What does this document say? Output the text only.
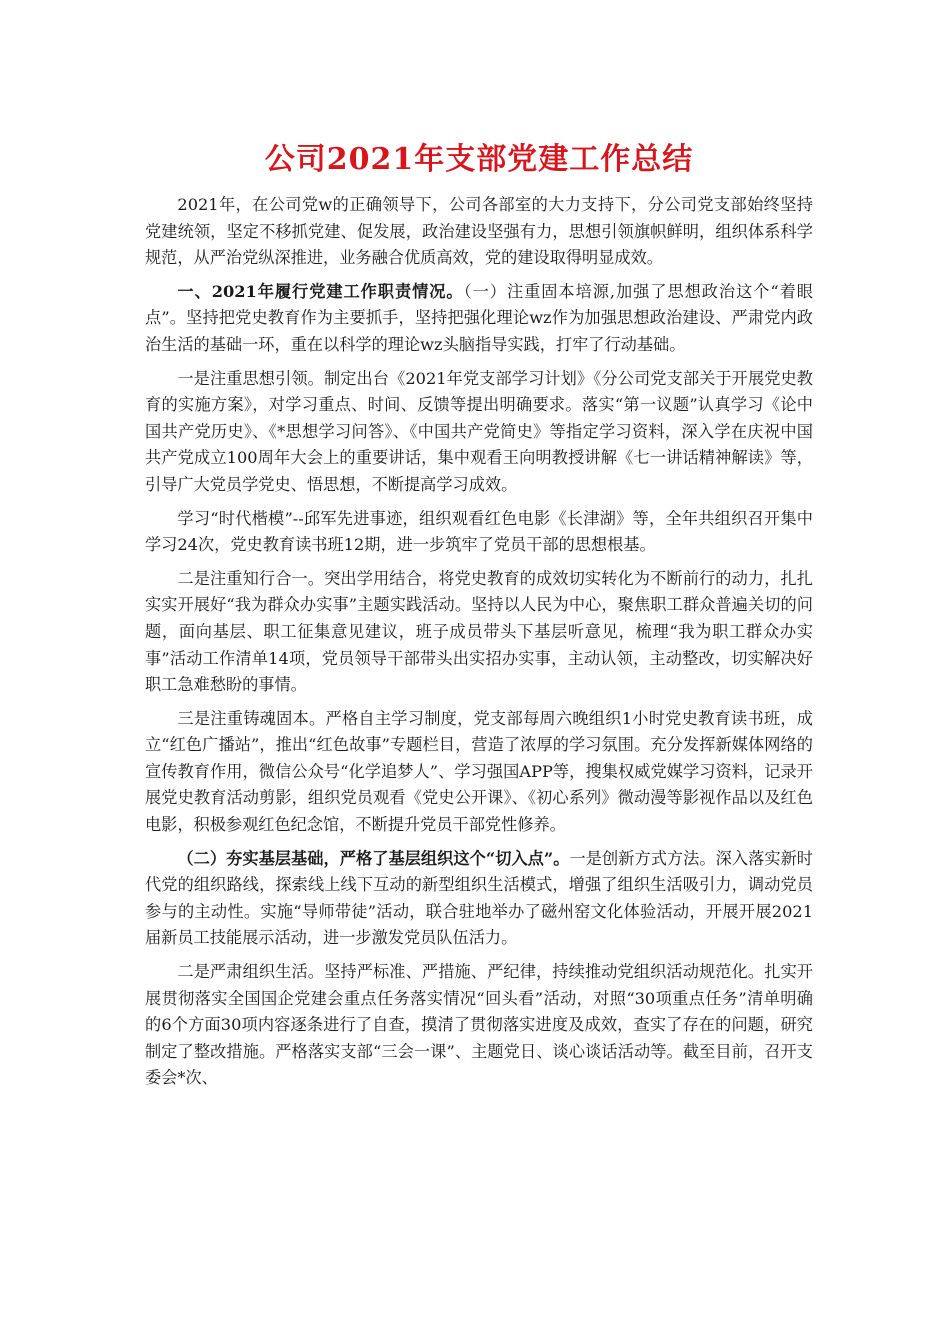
公司2021年支部党建工作总结

2021年，在公司党w的正确领导下，公司各部室的大力支持下，分公司党支部始终坚持党建统领，坚定不移抓党建、促发展，政治建设坚强有力，思想引领旗帜鲜明，组织体系科学规范，从严治党纵深推进，业务融合优质高效，党的建设取得明显成效。

一、2021年履行党建工作职责情况。（一）注重固本培源,加强了思想政治这个“着眼点”。坚持把党史教育作为主要抓手，坚持把强化理论wz作为加强思想政治建设、严肃党内政治生活的基础一环，重在以科学的理论wz头脑指导实践，打牢了行动基础。

一是注重思想引领。制定出台《2021年党支部学习计划》《分公司党支部关于开展党史教育的实施方案》，对学习重点、时间、反馈等提出明确要求。落实“第一议题”认真学习《论中国共产党历史》、《*思想学习问答》、《中国共产党简史》等指定学习资料，深入学在庆祝中国共产党成立100周年大会上的重要讲话，集中观看王向明教授讲解《七一讲话精神解读》等，引导广大党员学党史、悟思想，不断提高学习成效。

学习“时代楷模”--邱军先进事迹，组织观看红色电影《长津湖》等，全年共组织召开集中学习24次，党史教育读书班12期，进一步筑牢了党员干部的思想根基。

二是注重知行合一。突出学用结合，将党史教育的成效切实转化为不断前行的动力，扎扎实实开展好“我为群众办实事”主题实践活动。坚持以人民为中心，聚焦职工群众普遍关切的问题，面向基层、职工征集意见建议，班子成员带头下基层听意见，梳理“我为职工群众办实事”活动工作清单14项，党员领导干部带头出实招办实事，主动认领，主动整改，切实解决好职工急难愁盼的事情。

三是注重铸魂固本。严格自主学习制度，党支部每周六晚组织1小时党史教育读书班，成立“红色广播站”，推出“红色故事”专题栏目，营造了浓厚的学习氛围。充分发挥新媒体网络的宣传教育作用，微信公众号“化学追梦人”、学习强国APP等，搜集权威党媒学习资料，记录开展党史教育活动剪影，组织党员观看《党史公开课》、《初心系列》微动漫等影视作品以及红色电影，积极参观红色纪念馆，不断提升党员干部党性修养。

（二）夯实基层基础，严格了基层组织这个“切入点”。一是创新方式方法。深入落实新时代党的组织路线，探索线上线下互动的新型组织生活模式，增强了组织生活吸引力，调动党员参与的主动性。实施“导师带徒”活动，联合驻地举办了磁州窑文化体验活动，开展开展2021届新员工技能展示活动，进一步激发党员队伍活力。

二是严肃组织生活。坚持严标准、严措施、严纪律，持续推动党组织活动规范化。扎实开展贯彻落实全国国企党建会重点任务落实情况“回头看”活动，对照“30项重点任务”清单明确的6个方面30项内容逐条进行了自查，摸清了贯彻落实进度及成效，查实了存在的问题，研究制定了整改措施。严格落实支部“三会一课”、主题党日、谈心谈话活动等。截至目前，召开支委会*次、
